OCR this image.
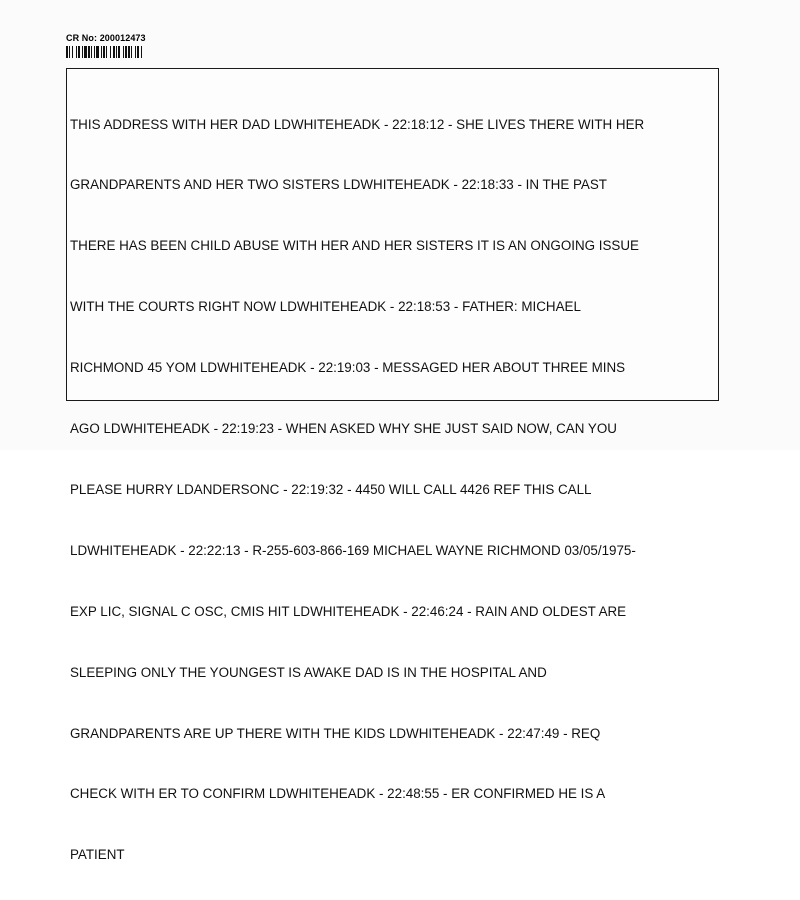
CR No: 200012473

THIS ADDRESS WITH HER DAD LDWHITEHEADK - 22:18:12 - SHE LIVES THERE WITH HER

GRANDPARENTS AND HER TWO SISTERS LDWHITEHEADK - 22:18:33 - IN THE PAST

THERE HAS BEEN CHILD ABUSE WITH HER AND HER SISTERS IT IS AN ONGOING ISSUE

WITH THE COURTS RIGHT NOW LDWHITEHEADK - 22:18:53 - FATHER: MICHAEL

RICHMOND 45 YOM LDWHITEHEADK - 22:19:03 - MESSAGED HER ABOUT THREE MINS

AGO LDWHITEHEADK - 22:19:23 - WHEN ASKED WHY SHE JUST SAID NOW, CAN YOU

PLEASE HURRY LDANDERSONC - 22:19:32 - 4450 WILL CALL 4426 REF THIS CALL

LDWHITEHEADK - 22:22:13 - R-255-603-866-169 MICHAEL WAYNE RICHMOND 03/05/1975-

EXP LIC, SIGNAL C OSC, CMIS HIT LDWHITEHEADK - 22:46:24 - RAIN AND OLDEST ARE

SLEEPING ONLY THE YOUNGEST IS AWAKE DAD IS IN THE HOSPITAL AND

GRANDPARENTS ARE UP THERE WITH THE KIDS LDWHITEHEADK - 22:47:49 - REQ

CHECK WITH ER TO CONFIRM LDWHITEHEADK - 22:48:55 - ER CONFIRMED HE IS A

PATIENT
